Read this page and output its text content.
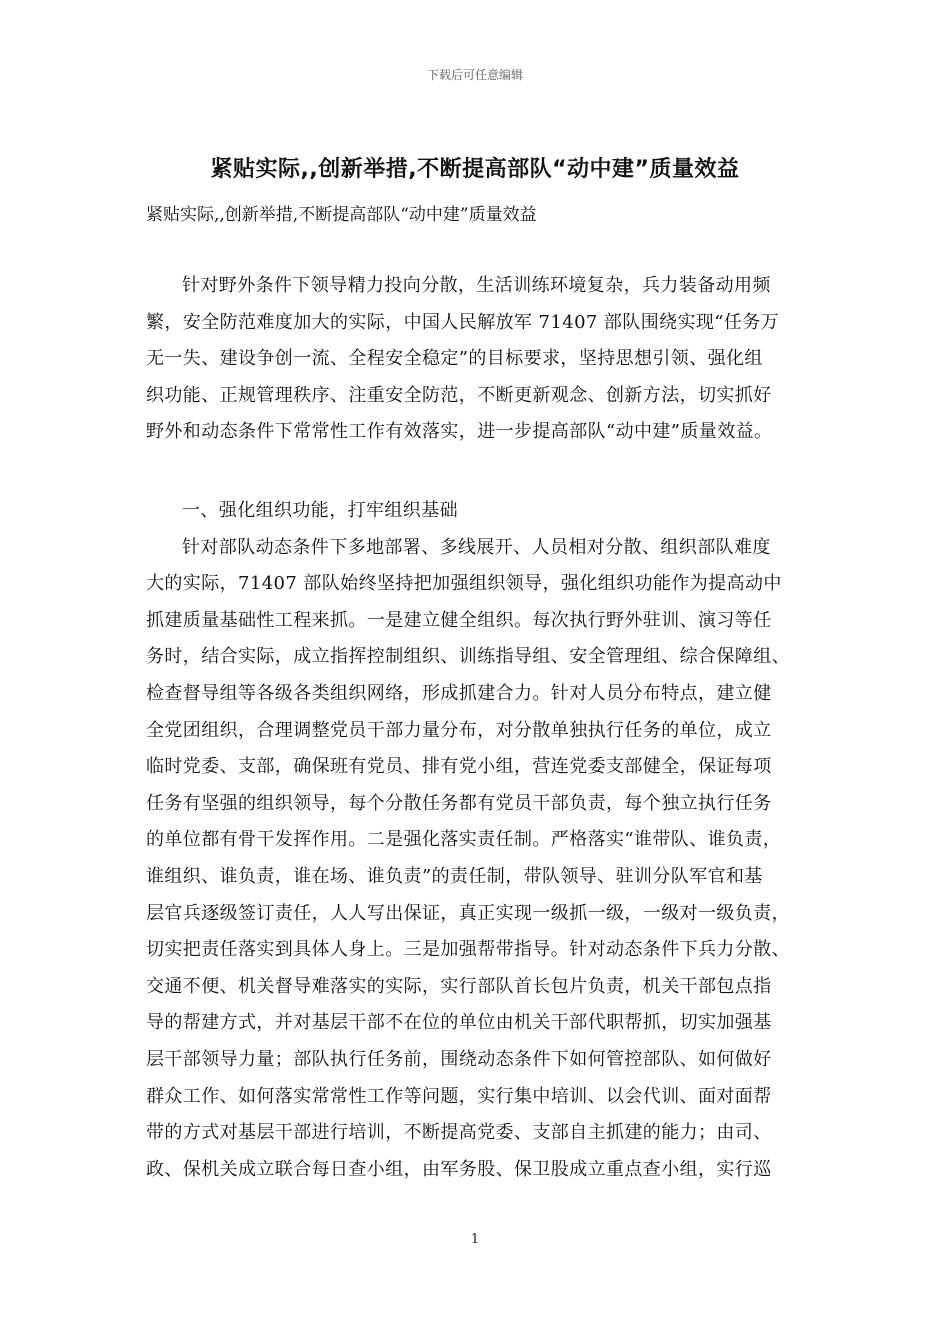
下载后可任意编辑
紧贴实际,,创新举措,不断提高部队“动中建”质量效益
紧贴实际,,创新举措,不断提高部队“动中建”质量效益
针对野外条件下领导精力投向分散，生活训练环境复杂，兵力装备动用频
繁，安全防范难度加大的实际，中国人民解放军 71407 部队围绕实现“任务万
无一失、建设争创一流、全程安全稳定”的目标要求，坚持思想引领、强化组
织功能、正规管理秩序、注重安全防范，不断更新观念、创新方法，切实抓好
野外和动态条件下常常性工作有效落实，进一步提高部队“动中建”质量效益。
一、强化组织功能，打牢组织基础
针对部队动态条件下多地部署、多线展开、人员相对分散、组织部队难度
大的实际，71407 部队始终坚持把加强组织领导，强化组织功能作为提高动中
抓建质量基础性工程来抓。一是建立健全组织。每次执行野外驻训、演习等任
务时，结合实际，成立指挥控制组织、训练指导组、安全管理组、综合保障组、
检查督导组等各级各类组织网络，形成抓建合力。针对人员分布特点，建立健
全党团组织，合理调整党员干部力量分布，对分散单独执行任务的单位，成立
临时党委、支部，确保班有党员、排有党小组，营连党委支部健全，保证每项
任务有坚强的组织领导，每个分散任务都有党员干部负责，每个独立执行任务
的单位都有骨干发挥作用。二是强化落实责任制。严格落实“谁带队、谁负责，
谁组织、谁负责，谁在场、谁负责”的责任制，带队领导、驻训分队军官和基
层官兵逐级签订责任，人人写出保证，真正实现一级抓一级，一级对一级负责，
切实把责任落实到具体人身上。三是加强帮带指导。针对动态条件下兵力分散、
交通不便、机关督导难落实的实际，实行部队首长包片负责，机关干部包点指
导的帮建方式，并对基层干部不在位的单位由机关干部代职帮抓，切实加强基
层干部领导力量；部队执行任务前，围绕动态条件下如何管控部队、如何做好
群众工作、如何落实常常性工作等问题，实行集中培训、以会代训、面对面帮
带的方式对基层干部进行培训，不断提高党委、支部自主抓建的能力；由司、
政、保机关成立联合每日查小组，由军务股、保卫股成立重点查小组，实行巡
1
